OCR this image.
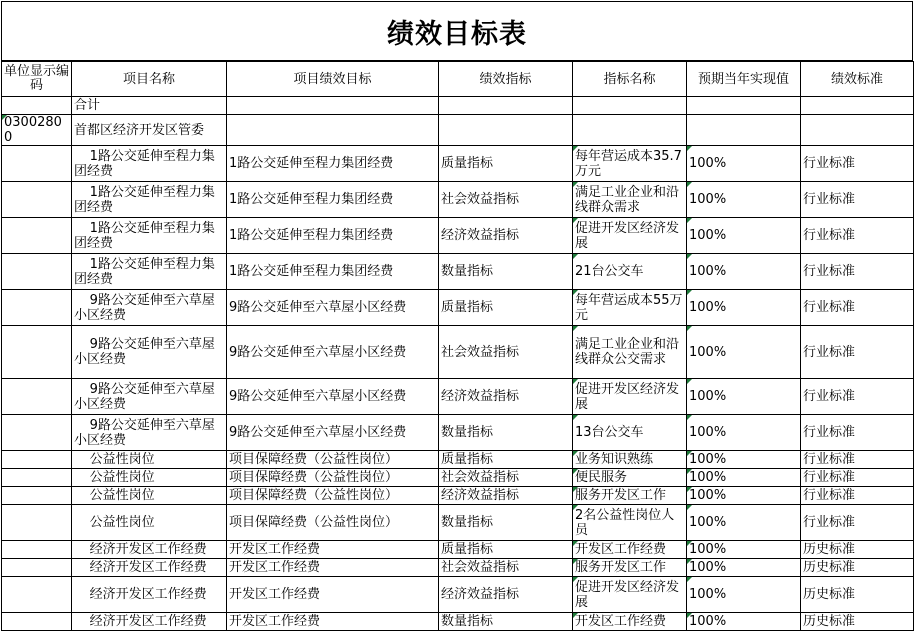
绩效目标表
单位显示编码	项目名称	项目绩效目标	绩效指标	指标名称	预期当年实现值	绩效标准
	合计					
03002800	首都区经济开发区管委					
	1路公交延伸至程力集团经费	1路公交延伸至程力集团经费	质量指标	每年营运成本35.7万元	100%	行业标准
	1路公交延伸至程力集团经费	1路公交延伸至程力集团经费	社会效益指标	满足工业企业和沿线群众需求	100%	行业标准
	1路公交延伸至程力集团经费	1路公交延伸至程力集团经费	经济效益指标	促进开发区经济发展	100%	行业标准
	1路公交延伸至程力集团经费	1路公交延伸至程力集团经费	数量指标	21台公交车	100%	行业标准
	9路公交延伸至六草屋小区经费	9路公交延伸至六草屋小区经费	质量指标	每年营运成本55万元	100%	行业标准
	9路公交延伸至六草屋小区经费	9路公交延伸至六草屋小区经费	社会效益指标	满足工业企业和沿线群众公交需求	100%	行业标准
	9路公交延伸至六草屋小区经费	9路公交延伸至六草屋小区经费	经济效益指标	促进开发区经济发展	100%	行业标准
	9路公交延伸至六草屋小区经费	9路公交延伸至六草屋小区经费	数量指标	13台公交车	100%	行业标准
	公益性岗位	项目保障经费（公益性岗位）	质量指标	业务知识熟练	100%	行业标准
	公益性岗位	项目保障经费（公益性岗位）	社会效益指标	便民服务	100%	行业标准
	公益性岗位	项目保障经费（公益性岗位）	经济效益指标	服务开发区工作	100%	行业标准
	公益性岗位	项目保障经费（公益性岗位）	数量指标	2名公益性岗位人员	100%	行业标准
	经济开发区工作经费	开发区工作经费	质量指标	开发区工作经费	100%	历史标准
	经济开发区工作经费	开发区工作经费	社会效益指标	服务开发区工作	100%	历史标准
	经济开发区工作经费	开发区工作经费	经济效益指标	促进开发区经济发展	100%	历史标准
	经济开发区工作经费	开发区工作经费	数量指标	开发区工作经费	100%	历史标准
